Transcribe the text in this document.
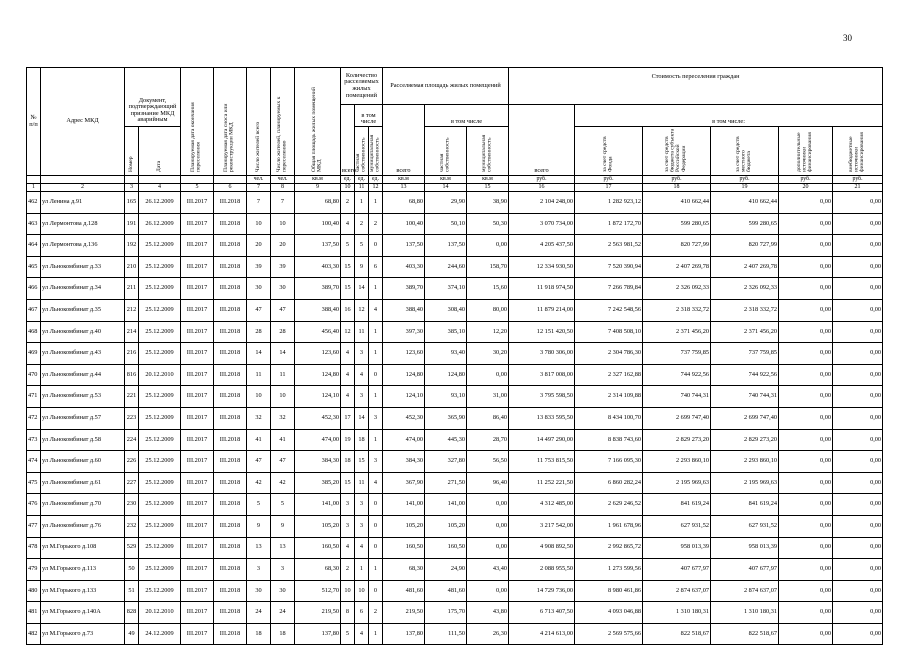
30
№ п/п	Адрес МКД	Документ, подтверждающий признание МКД аварийным		Планируемая дата окончания переселения	Планируемая дата сноса или реконструкции МКД	Число жителей всего	Число жителей, планируемых к переселению	Общая площадь жилых помещений МКД	Количество расселяемых жилых помещений			Расселяемая площадь жилых помещений			Стоимость переселения граждан					
									всего	в том числе		всего	в том числе		всего	в том числе:				
		Номер	Дата							частная собственность	муниципальная собственность		частная собственность	муниципальная собственность		за счет средств Фонда	за счет средств бюджета субъекта Российской Федерации	за счет средств местного бюджета	дополнительные источники финансирования	внебюджетные источники финансирования
						чел.	чел.	кв.м	ед.	ед.	ед.	кв.м	кв.м	кв.м	руб.	руб.	руб.	руб.	руб.	руб.
1	2	3	4	5	6	7	8	9	10	11	12	13	14	15	16	17	18	19	20	21
462	ул Ленина д.91	165	26.12.2009	III.2017	III.2018	7	7	68,80	2	1	1	68,80	29,90	38,90	2 104 248,00	1 282 923,12	410 662,44	410 662,44	0,00	0,00
463	ул Лермонтова д.128	191	26.12.2009	III.2017	III.2018	10	10	100,40	4	2	2	100,40	50,10	50,30	3 070 734,00	1 872 172,70	599 280,65	599 280,65	0,00	0,00
464	ул Лермонтова д.136	192	25.12.2009	III.2017	III.2018	20	20	137,50	5	5	0	137,50	137,50	0,00	4 205 437,50	2 563 981,52	820 727,99	820 727,99	0,00	0,00
465	ул Льнокомбинат д.33	210	25.12.2009	III.2017	III.2018	39	39	403,30	15	9	6	403,30	244,60	158,70	12 334 930,50	7 520 390,94	2 407 269,78	2 407 269,78	0,00	0,00
466	ул Льнокомбинат д.34	211	25.12.2009	III.2017	III.2018	30	30	389,70	15	14	1	389,70	374,10	15,60	11 918 974,50	7 266 789,84	2 326 092,33	2 326 092,33	0,00	0,00
467	ул Льнокомбинат д.35	212	25.12.2009	III.2017	III.2018	47	47	388,40	16	12	4	388,40	308,40	80,00	11 879 214,00	7 242 548,56	2 318 332,72	2 318 332,72	0,00	0,00
468	ул Льнокомбинат д.40	214	25.12.2009	III.2017	III.2018	28	28	456,40	12	11	1	397,30	385,10	12,20	12 151 420,50	7 408 508,10	2 371 456,20	2 371 456,20	0,00	0,00
469	ул Льнокомбинат д.43	216	25.12.2009	III.2017	III.2018	14	14	123,60	4	3	1	123,60	93,40	30,20	3 780 306,00	2 304 786,30	737 759,85	737 759,85	0,00	0,00
470	ул Льнокомбинат д.44	816	20.12.2010	III.2017	III.2018	11	11	124,80	4	4	0	124,80	124,80	0,00	3 817 008,00	2 327 162,88	744 922,56	744 922,56	0,00	0,00
471	ул Льнокомбинат д.53	221	25.12.2009	III.2017	III.2018	10	10	124,10	4	3	1	124,10	93,10	31,00	3 795 598,50	2 314 109,88	740 744,31	740 744,31	0,00	0,00
472	ул Льнокомбинат д.57	223	25.12.2009	III.2017	III.2018	32	32	452,30	17	14	3	452,30	365,90	86,40	13 833 595,50	8 434 100,70	2 699 747,40	2 699 747,40	0,00	0,00
473	ул Льнокомбинат д.58	224	25.12.2009	III.2017	III.2018	41	41	474,00	19	18	1	474,00	445,30	28,70	14 497 290,00	8 838 743,60	2 829 273,20	2 829 273,20	0,00	0,00
474	ул Льнокомбинат д.60	226	25.12.2009	III.2017	III.2018	47	47	384,30	18	15	3	384,30	327,80	56,50	11 753 815,50	7 166 095,30	2 293 860,10	2 293 860,10	0,00	0,00
475	ул Льнокомбинат д.61	227	25.12.2009	III.2017	III.2018	42	42	385,20	15	11	4	367,90	271,50	96,40	11 252 221,50	6 860 282,24	2 195 969,63	2 195 969,63	0,00	0,00
476	ул Льнокомбинат д.70	230	25.12.2009	III.2017	III.2018	5	5	141,00	3	3	0	141,00	141,00	0,00	4 312 485,00	2 629 246,52	841 619,24	841 619,24	0,00	0,00
477	ул Льнокомбинат д.76	232	25.12.2009	III.2017	III.2018	9	9	105,20	3	3	0	105,20	105,20	0,00	3 217 542,00	1 961 678,96	627 931,52	627 931,52	0,00	0,00
478	ул М.Горького д.108	529	25.12.2009	III.2017	III.2018	13	13	160,50	4	4	0	160,50	160,50	0,00	4 908 892,50	2 992 865,72	958 013,39	958 013,39	0,00	0,00
479	ул М.Горького д.113	50	25.12.2009	III.2017	III.2018	3	3	68,30	2	1	1	68,30	24,90	43,40	2 088 955,50	1 273 599,56	407 677,97	407 677,97	0,00	0,00
480	ул М.Горького д.133	51	25.12.2009	III.2017	III.2018	30	30	512,70	10	10	0	481,60	481,60	0,00	14 729 736,00	8 980 461,86	2 874 637,07	2 874 637,07	0,00	0,00
481	ул М.Горького д.140А	828	20.12.2010	III.2017	III.2018	24	24	219,50	8	6	2	219,50	175,70	43,80	6 713 407,50	4 093 046,88	1 310 180,31	1 310 180,31	0,00	0,00
482	ул М.Горького д.73	49	24.12.2009	III.2017	III.2018	18	18	137,80	5	4	1	137,80	111,50	26,30	4 214 613,00	2 569 575,66	822 518,67	822 518,67	0,00	0,00
